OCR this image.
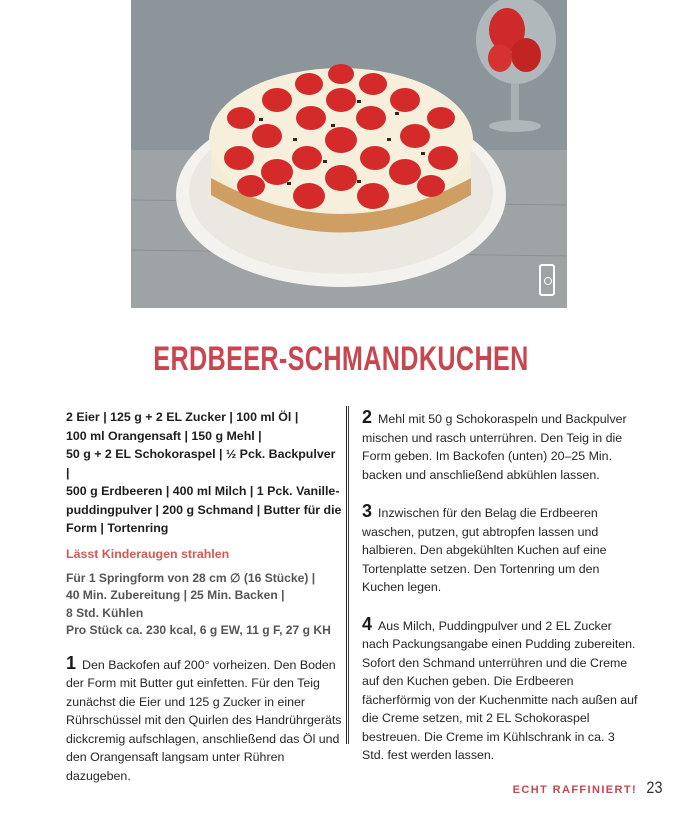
ERDBEER-SCHMANDKUCHEN
2 Eier | 125 g + 2 EL Zucker | 100 ml Öl |
100 ml Orangensaft | 150 g Mehl |
50 g + 2 EL Schokoraspel | ½ Pck. Backpulver |
500 g Erdbeeren | 400 ml Milch | 1 Pck. Vanille-
puddingpulver | 200 g Schmand | Butter für die
Form | Tortenring
Lässt Kinderaugen strahlen
Für 1 Springform von 28 cm ∅ (16 Stücke) |
40 Min. Zubereitung | 25 Min. Backen |
8 Std. Kühlen
Pro Stück ca. 230 kcal, 6 g EW, 11 g F, 27 g KH
1 Den Backofen auf 200° vorheizen. Den Boden der Form mit Butter gut einfetten. Für den Teig zunächst die Eier und 125 g Zucker in einer Rührschüssel mit den Quirlen des Handrührgeräts dickcremig aufschlagen, anschließend das Öl und den Orangensaft langsam unter Rühren dazugeben.
2 Mehl mit 50 g Schokoraspeln und Backpulver mischen und rasch unterrühren. Den Teig in die Form geben. Im Backofen (unten) 20–25 Min. backen und anschließend abkühlen lassen.
3 Inzwischen für den Belag die Erdbeeren waschen, putzen, gut abtropfen lassen und halbieren. Den abgekühlten Kuchen auf eine Tortenplatte setzen. Den Tortenring um den Kuchen legen.
4 Aus Milch, Puddingpulver und 2 EL Zucker nach Packungsangabe einen Pudding zubereiten. Sofort den Schmand unterrühren und die Creme auf den Kuchen geben. Die Erdbeeren fächerförmig von der Kuchenmitte nach außen auf die Creme setzen, mit 2 EL Schokoraspel bestreuen. Die Creme im Kühlschrank in ca. 3 Std. fest werden lassen.
ECHT RAFFINIERT! 23
